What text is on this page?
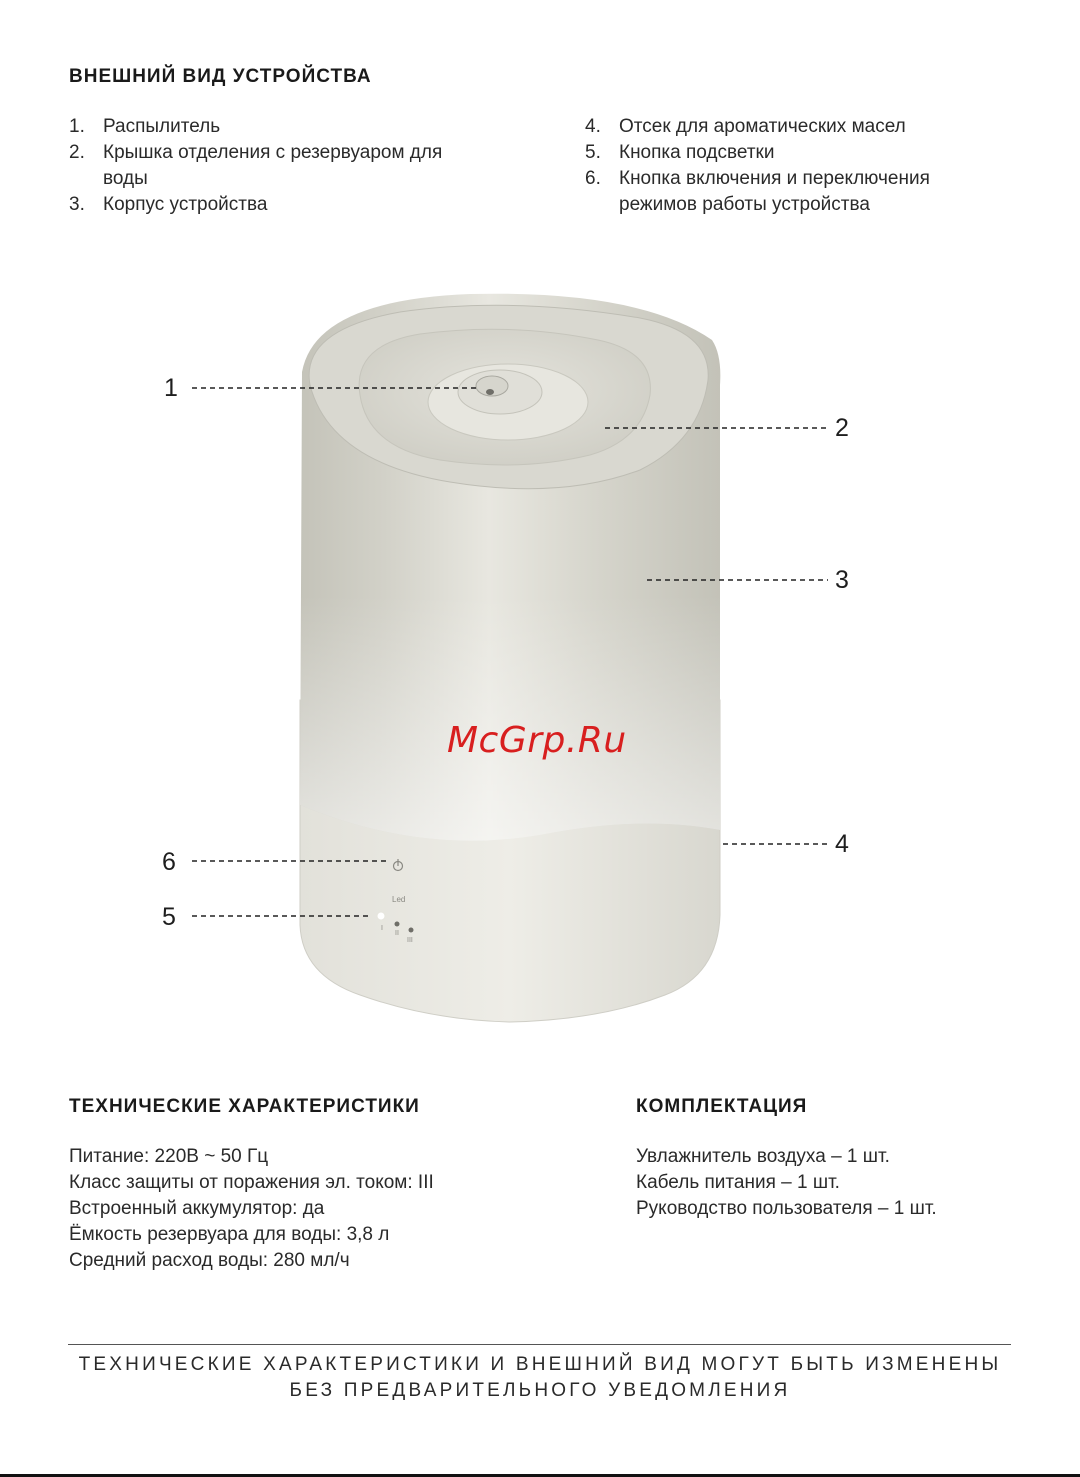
ВНЕШНИЙ ВИД УСТРОЙСТВА
1. Распылитель
2. Крышка отделения с резервуаром для воды
3. Корпус устройства
4. Отсек для ароматических масел
5. Кнопка подсветки
6. Кнопка включения и переключения режимов работы устройства
Led
I
II
III
1
2
3
4
5
6
McGrp.Ru
ТЕХНИЧЕСКИЕ ХАРАКТЕРИСТИКИ
Питание: 220В ~ 50 Гц
Класс защиты от поражения эл. током: III
Встроенный аккумулятор: да
Ёмкость резервуара для воды: 3,8 л
Средний расход воды: 280 мл/ч
КОМПЛЕКТАЦИЯ
Увлажнитель воздуха – 1 шт.
Кабель питания – 1 шт.
Руководство пользователя – 1 шт.
ТЕХНИЧЕСКИЕ ХАРАКТЕРИСТИКИ И ВНЕШНИЙ ВИД МОГУТ БЫТЬ ИЗМЕНЕНЫ
БЕЗ ПРЕДВАРИТЕЛЬНОГО УВЕДОМЛЕНИЯ
